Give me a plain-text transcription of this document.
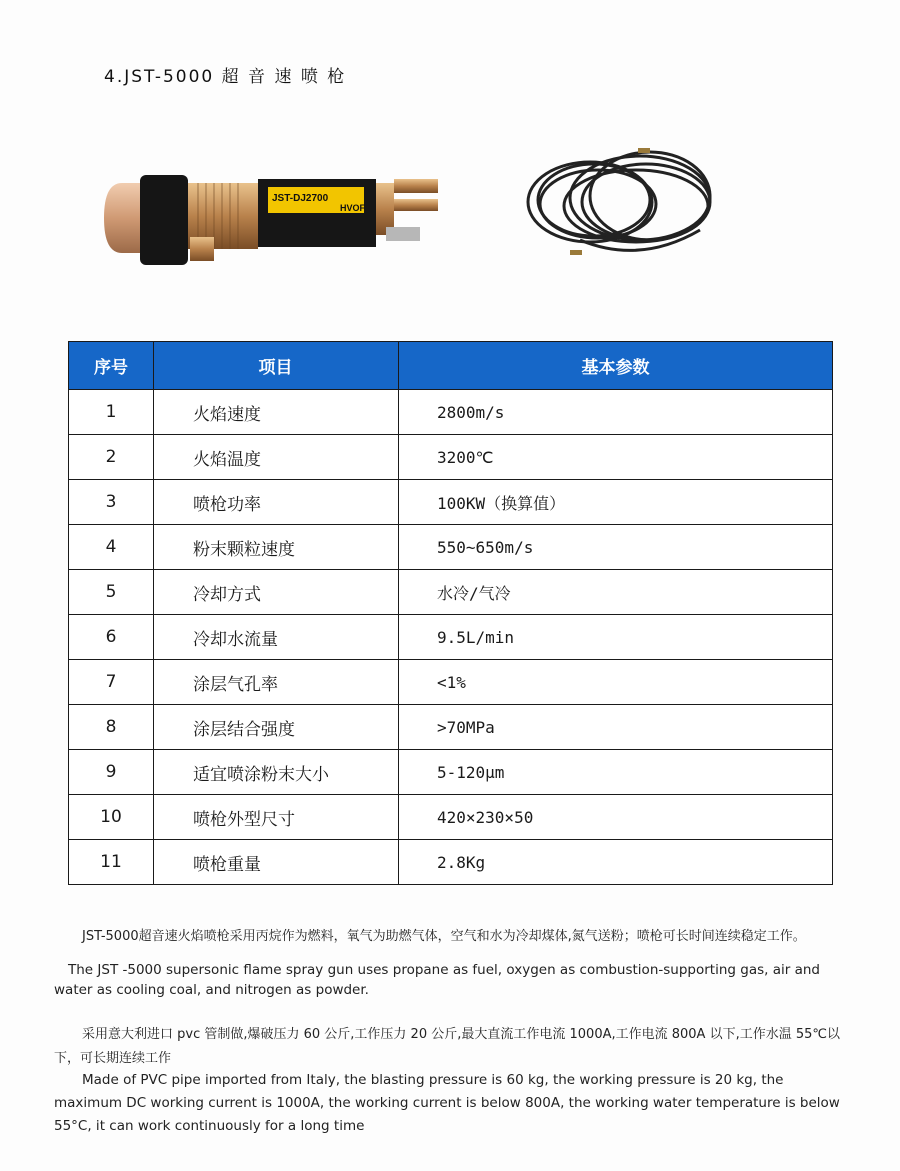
4.JST-5000 超 音 速 喷 枪
JST-DJ2700
HVOF
序号	项目	基本参数
1	火焰速度	2800m/s
2	火焰温度	3200℃
3	喷枪功率	100KW（换算值）
4	粉末颗粒速度	550~650m/s
5	冷却方式	水冷/气冷
6	冷却水流量	9.5L/min
7	涂层气孔率	<1%
8	涂层结合强度	>70MPa
9	适宜喷涂粉末大小	5-120μm
10	喷枪外型尺寸	420×230×50
11	喷枪重量	2.8Kg
JST-5000超音速火焰喷枪采用丙烷作为燃料，氧气为助燃气体，空气和水为冷却煤体,氮气送粉；喷枪可长时间连续稳定工作。
The JST -5000 supersonic flame spray gun uses propane as fuel, oxygen as combustion-supporting gas, air and water as cooling coal, and nitrogen as powder.
采用意大利进口 pvc 管制做,爆破压力 60 公斤,工作压力 20 公斤,最大直流工作电流 1000A,工作电流 800A 以下,工作水温 55℃以下，可长期连续工作
Made of PVC pipe imported from Italy, the blasting pressure is 60 kg, the working pressure is 20 kg, the maximum DC working current is 1000A, the working current is below 800A, the working water temperature is below 55°C, it can work continuously for a long time
